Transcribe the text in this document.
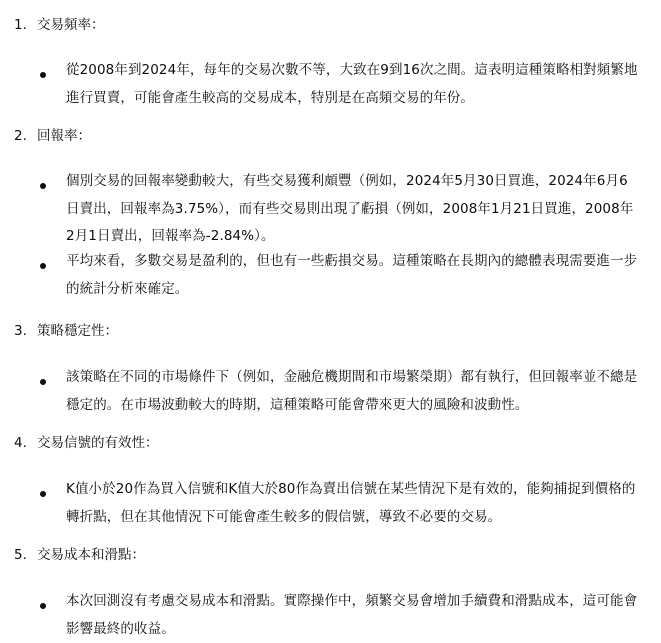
1. 交易頻率：
從2008年到2024年，每年的交易次數不等，大致在9到16次之間。這表明這種策略相對頻繁地進行買賣，可能會產生較高的交易成本，特別是在高頻交易的年份。
2. 回報率：
個別交易的回報率變動較大，有些交易獲利頗豐（例如，2024年5月30日買進，2024年6月6日賣出，回報率為3.75%），而有些交易則出現了虧損（例如，2008年1月21日買進，2008年2月1日賣出，回報率為-2.84%）。
平均來看，多數交易是盈利的，但也有一些虧損交易。這種策略在長期內的總體表現需要進一步的統計分析來確定。
3. 策略穩定性：
該策略在不同的市場條件下（例如，金融危機期間和市場繁榮期）都有執行，但回報率並不總是穩定的。在市場波動較大的時期，這種策略可能會帶來更大的風險和波動性。
4. 交易信號的有效性：
K值小於20作為買入信號和K值大於80作為賣出信號在某些情況下是有效的，能夠捕捉到價格的轉折點，但在其他情況下可能會產生較多的假信號，導致不必要的交易。
5. 交易成本和滑點：
本次回測沒有考慮交易成本和滑點。實際操作中，頻繁交易會增加手續費和滑點成本，這可能會影響最終的收益。
